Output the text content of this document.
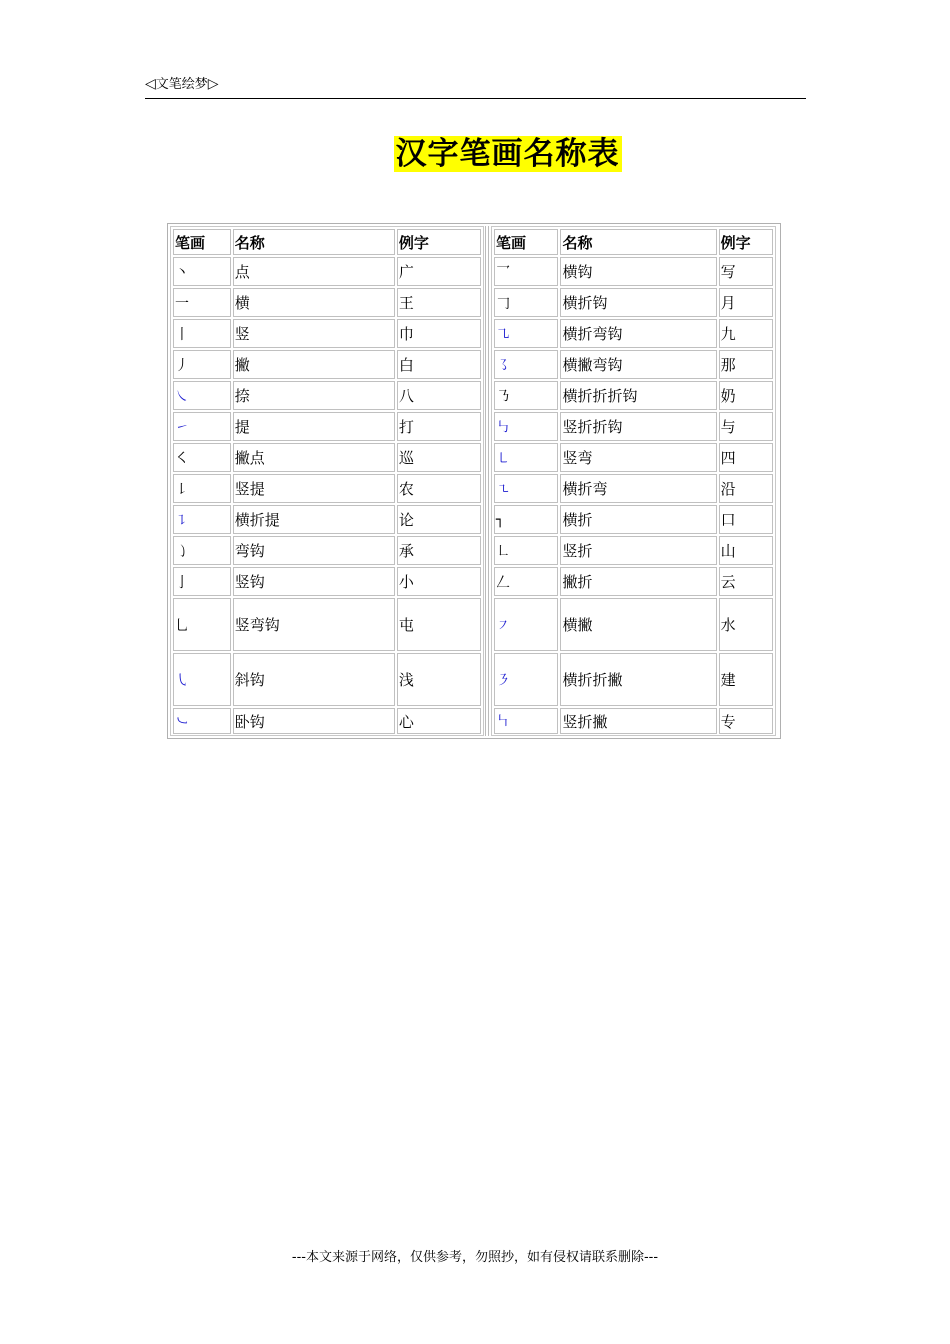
◁文笔绘梦▷
汉字笔画名称表
笔画	名称	例字
丶	点	广
一	横	王
丨	竖	巾
丿	撇	白
㇏	捺	八
㇀	提	打
㇛	撇点	巡
㇙	竖提	农
㇊	横折提	论
㇁	弯钩	承
亅	竖钩	小
乚	竖弯钩	屯
㇂	斜钩	浅
㇃	卧钩	心
笔画	名称	例字
乛	横钩	写
𠃌	横折钩	月
㇈	横折弯钩	九
㇌	横撇弯钩	那
㇡	横折折折钩	奶
㇉	竖折折钩	与
㇄	竖弯	四
㇍	横折弯	沿
┐	横折	口
㇗	竖折	山
𠃋	撇折	云
㇇	横撇	水
㇋	横折折撇	建
㇞	竖折撇	专
---本文来源于网络，仅供参考，勿照抄，如有侵权请联系删除---
